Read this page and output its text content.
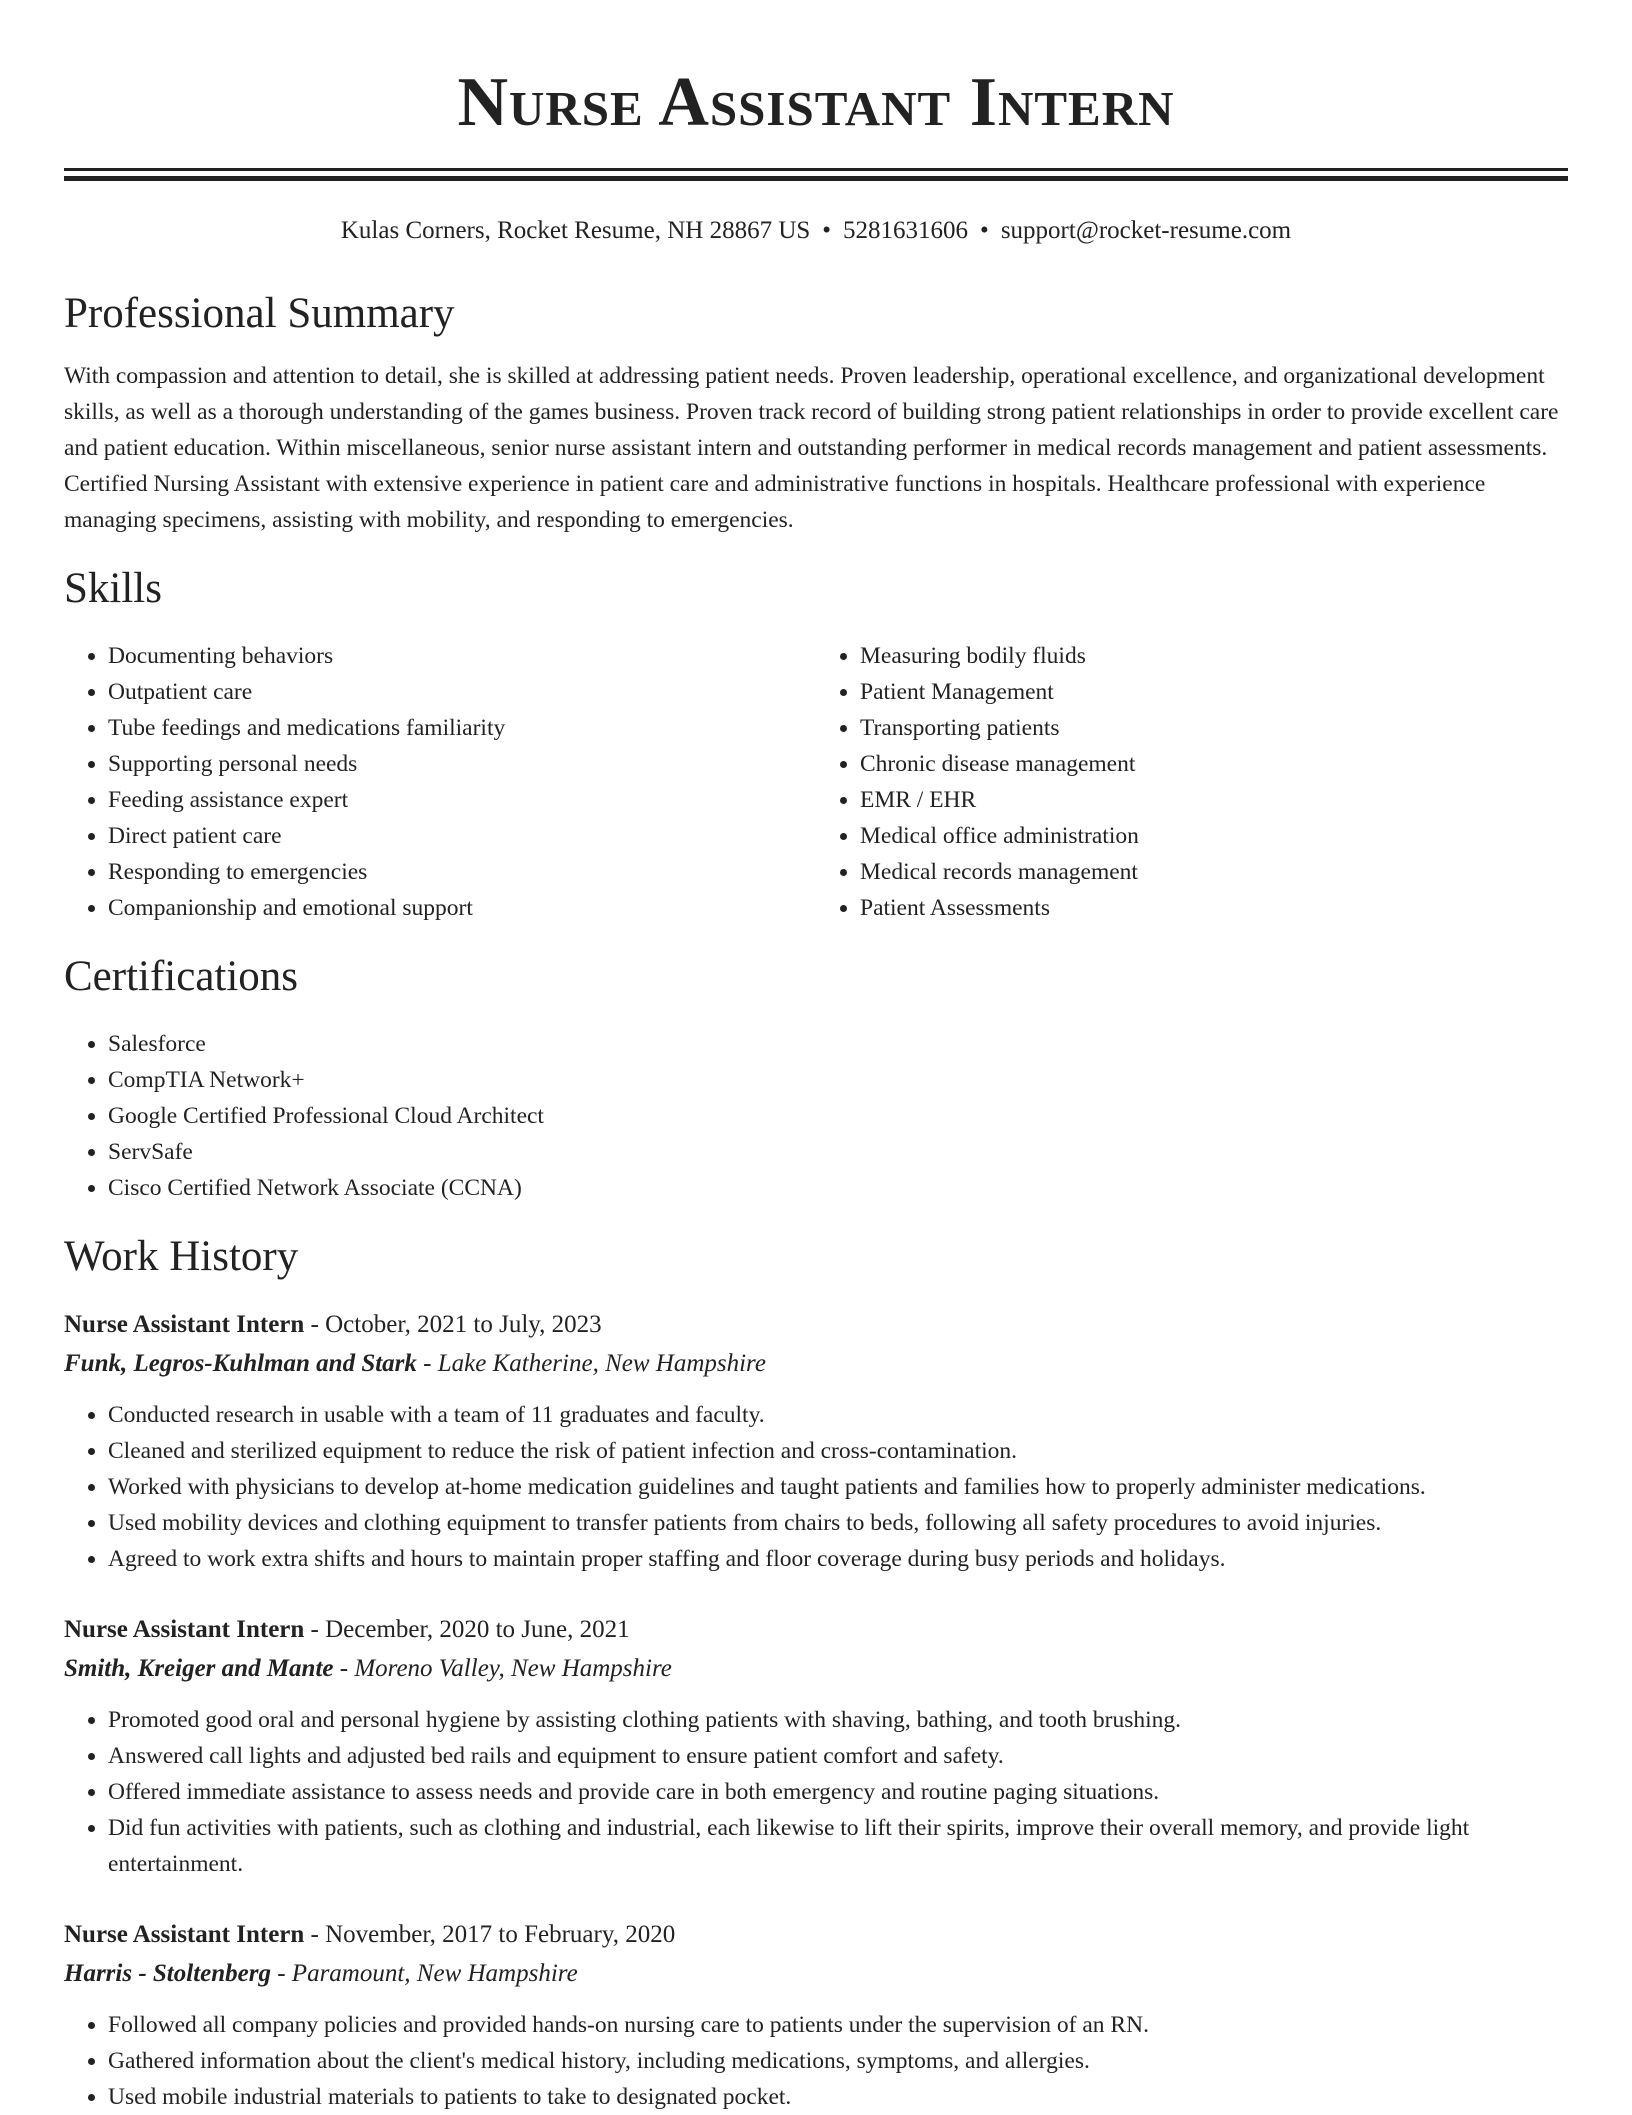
Nurse Assistant Intern
Kulas Corners, Rocket Resume, NH 28867 US • 5281631606 • support@rocket-resume.com
Professional Summary

With compassion and attention to detail, she is skilled at addressing patient needs. Proven leadership, operational excellence, and organizational development skills, as well as a thorough understanding of the games business. Proven track record of building strong patient relationships in order to provide excellent care and patient education. Within miscellaneous, senior nurse assistant intern and outstanding performer in medical records management and patient assessments. Certified Nursing Assistant with extensive experience in patient care and administrative functions in hospitals. Healthcare professional with experience managing specimens, assisting with mobility, and responding to emergencies.

Skills
• Documenting behaviors
• Outpatient care
• Tube feedings and medications familiarity
• Supporting personal needs
• Feeding assistance expert
• Direct patient care
• Responding to emergencies
• Companionship and emotional support
• Measuring bodily fluids
• Patient Management
• Transporting patients
• Chronic disease management
• EMR / EHR
• Medical office administration
• Medical records management
• Patient Assessments
Certifications
• Salesforce
• CompTIA Network+
• Google Certified Professional Cloud Architect
• ServSafe
• Cisco Certified Network Associate (CCNA)
Work History
Nurse Assistant Intern - October, 2021 to July, 2023
Funk, Legros-Kuhlman and Stark - Lake Katherine, New Hampshire
• Conducted research in usable with a team of 11 graduates and faculty.
• Cleaned and sterilized equipment to reduce the risk of patient infection and cross-contamination.
• Worked with physicians to develop at-home medication guidelines and taught patients and families how to properly administer medications.
• Used mobility devices and clothing equipment to transfer patients from chairs to beds, following all safety procedures to avoid injuries.
• Agreed to work extra shifts and hours to maintain proper staffing and floor coverage during busy periods and holidays.
Nurse Assistant Intern - December, 2020 to June, 2021
Smith, Kreiger and Mante - Moreno Valley, New Hampshire
• Promoted good oral and personal hygiene by assisting clothing patients with shaving, bathing, and tooth brushing.
• Answered call lights and adjusted bed rails and equipment to ensure patient comfort and safety.
• Offered immediate assistance to assess needs and provide care in both emergency and routine paging situations.
• Did fun activities with patients, such as clothing and industrial, each likewise to lift their spirits, improve their overall memory, and provide light entertainment.
Nurse Assistant Intern - November, 2017 to February, 2020
Harris - Stoltenberg - Paramount, New Hampshire
• Followed all company policies and provided hands-on nursing care to patients under the supervision of an RN.
• Gathered information about the client's medical history, including medications, symptoms, and allergies.
• Used mobile industrial materials to patients to take to designated pocket.
